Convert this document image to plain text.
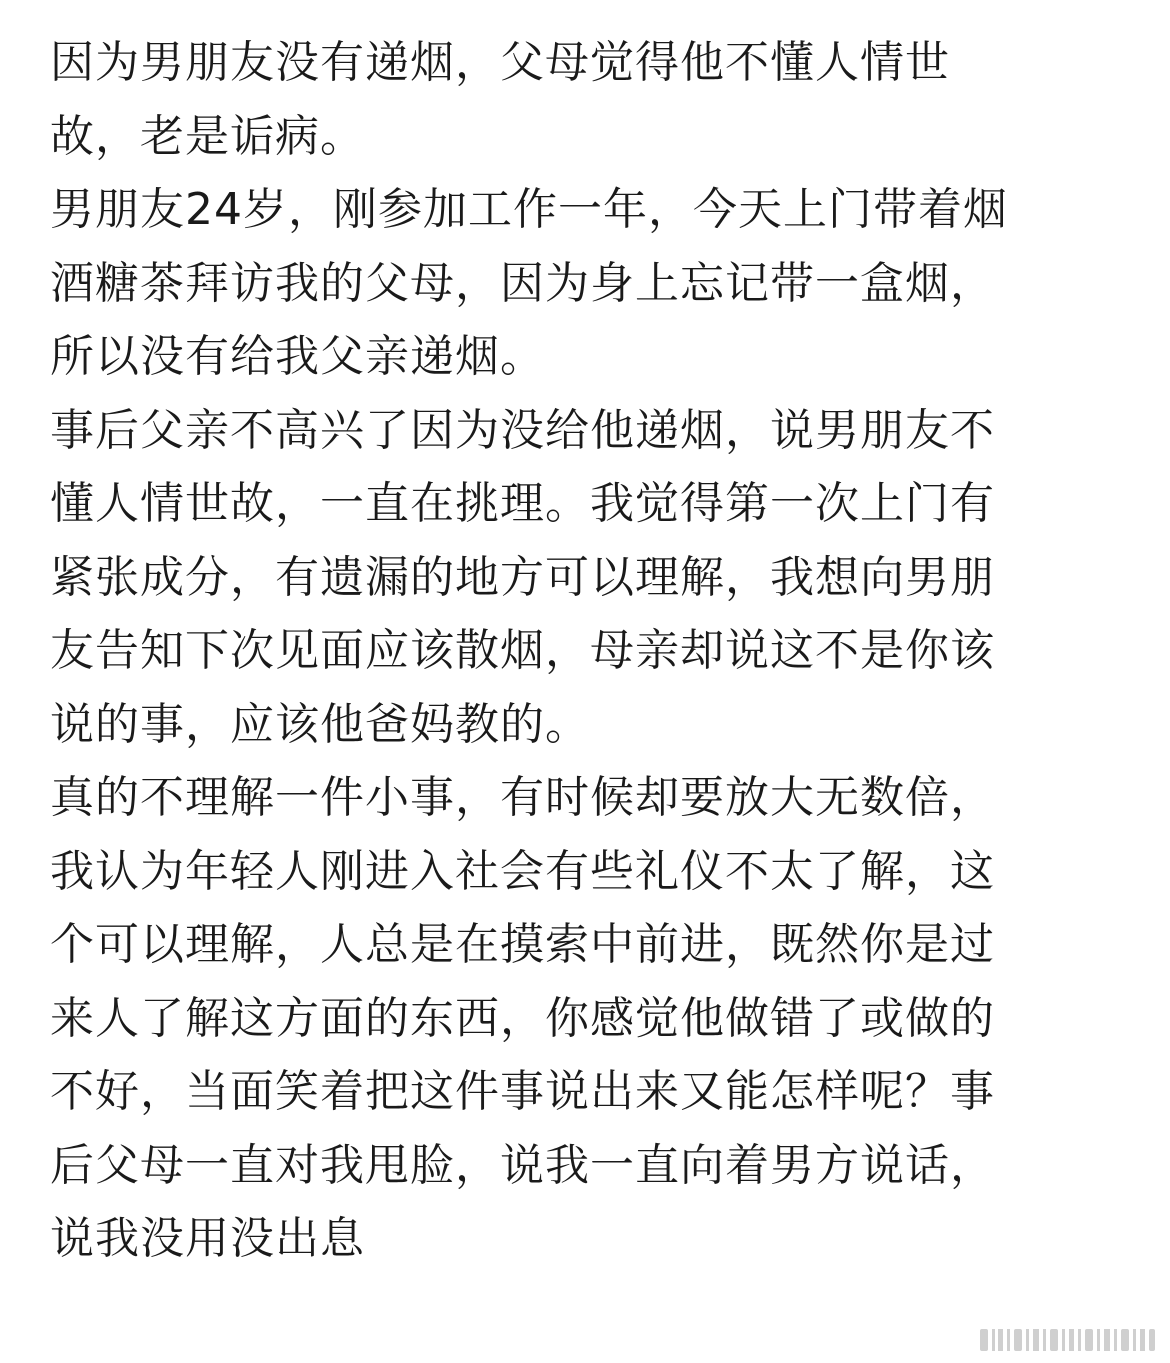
因为男朋友没有递烟，父母觉得他不懂人情世
故，老是诟病。

男朋友24岁，刚参加工作一年，今天上门带着烟
酒糖茶拜访我的父母，因为身上忘记带一盒烟，
所以没有给我父亲递烟。

事后父亲不高兴了因为没给他递烟，说男朋友不
懂人情世故，一直在挑理。我觉得第一次上门有
紧张成分，有遗漏的地方可以理解，我想向男朋
友告知下次见面应该散烟，母亲却说这不是你该
说的事，应该他爸妈教的。

真的不理解一件小事，有时候却要放大无数倍，
我认为年轻人刚进入社会有些礼仪不太了解，这
个可以理解，人总是在摸索中前进，既然你是过
来人了解这方面的东西，你感觉他做错了或做的
不好，当面笑着把这件事说出来又能怎样呢？事
后父母一直对我甩脸，说我一直向着男方说话，
说我没用没出息
